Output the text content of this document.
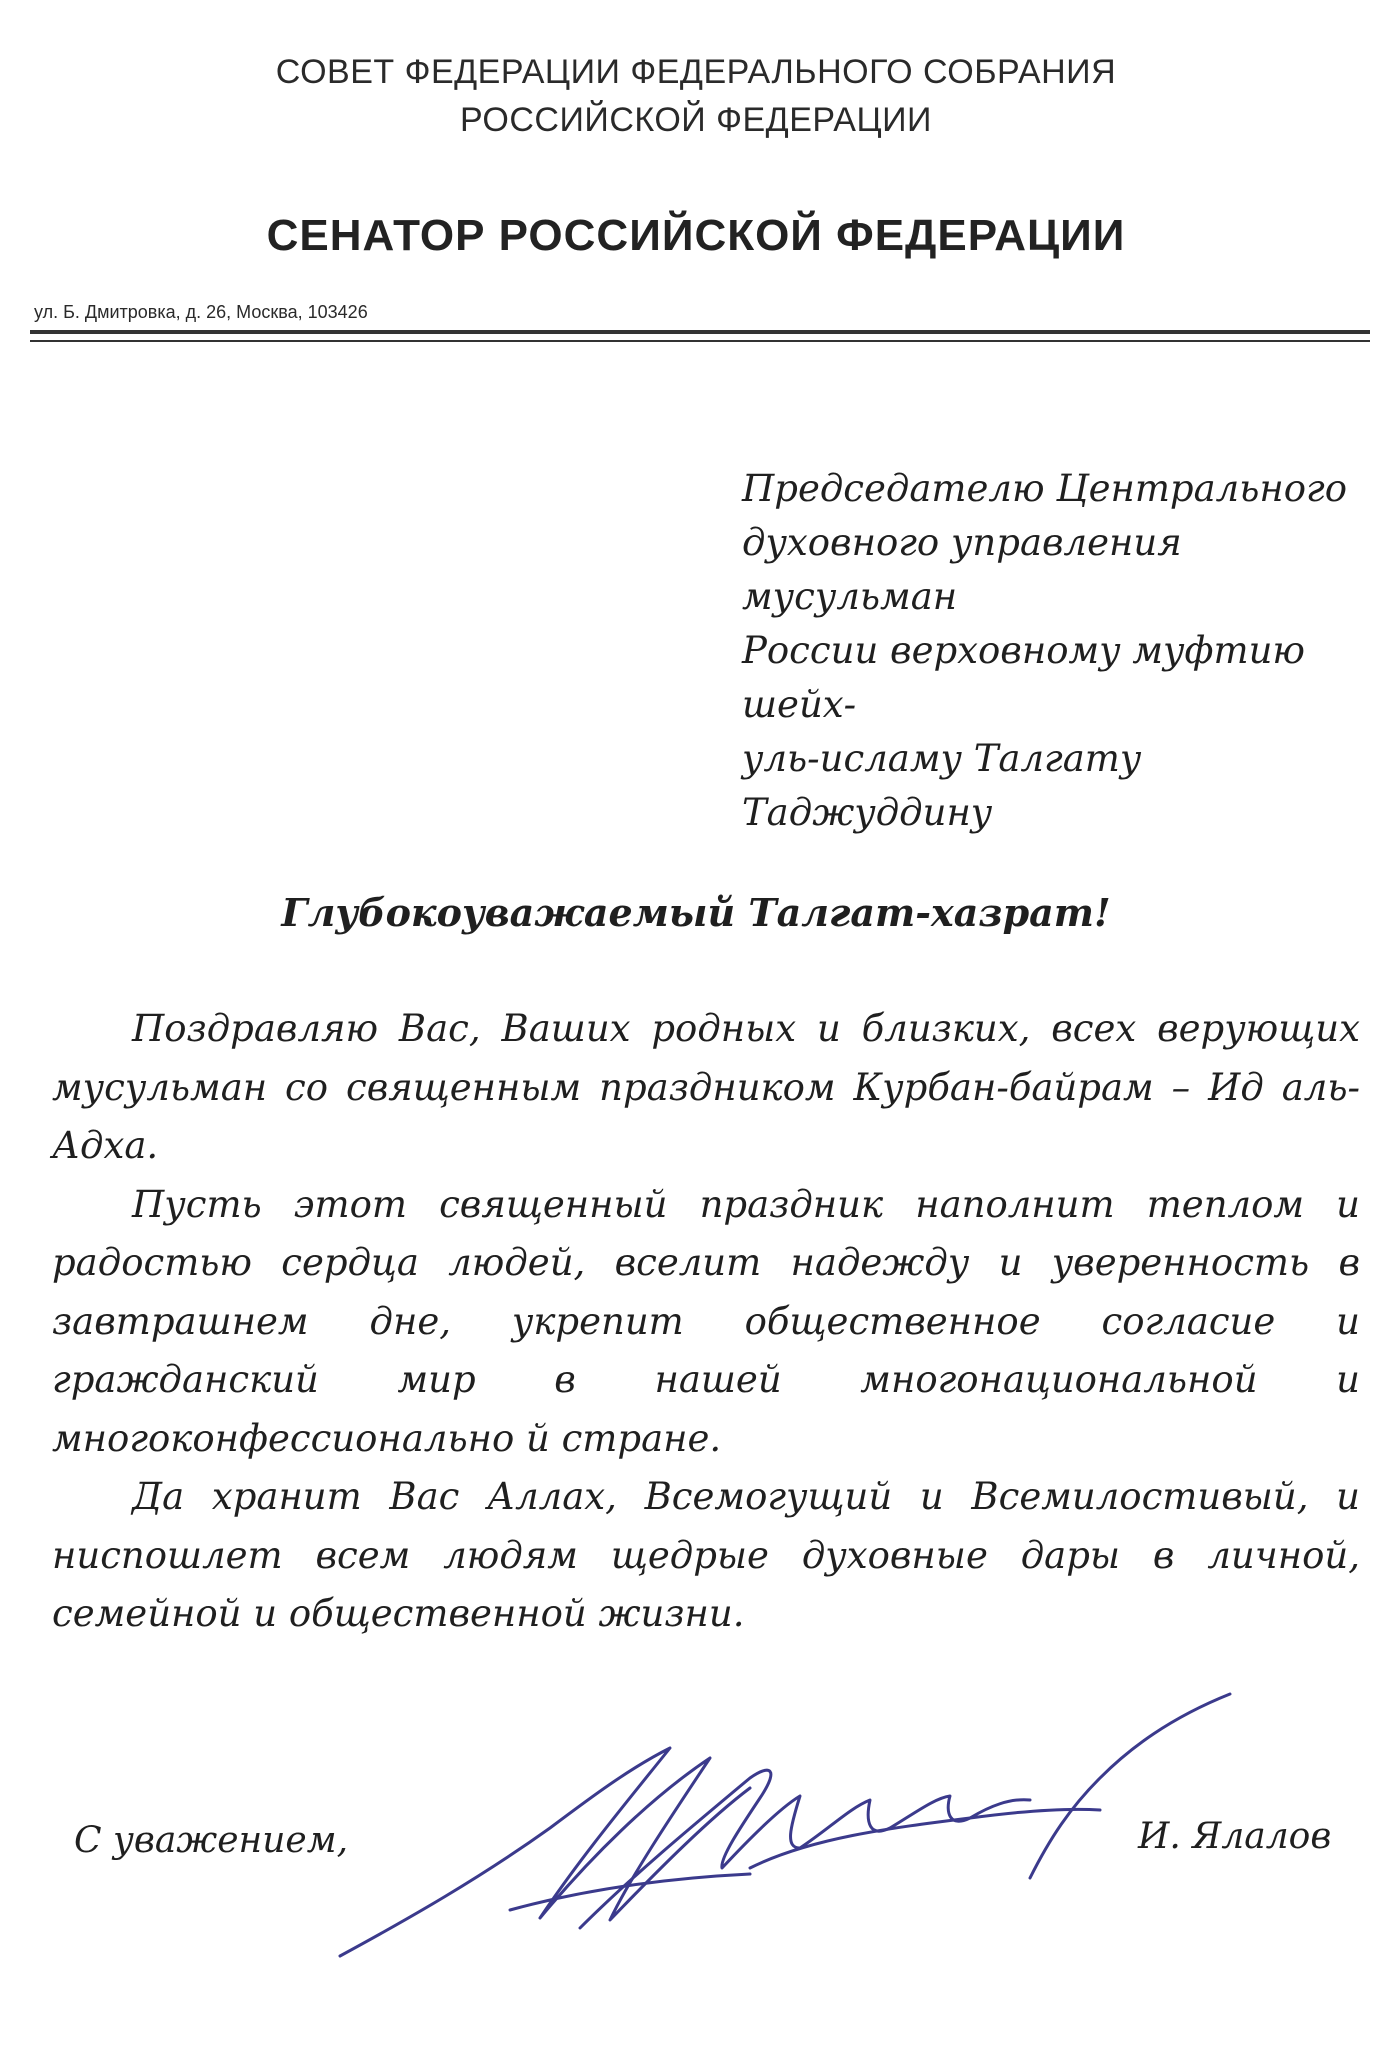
СОВЕТ ФЕДЕРАЦИИ ФЕДЕРАЛЬНОГО СОБРАНИЯ
РОССИЙСКОЙ ФЕДЕРАЦИИ
СЕНАТОР РОССИЙСКОЙ ФЕДЕРАЦИИ
ул. Б. Дмитровка, д. 26, Москва, 103426
Председателю Центрального
духовного управления мусульман
России верховному муфтию шейх-
уль-исламу Талгату
Таджуддину
Глубокоуважаемый Талгат-хазрат!

Поздравляю Вас, Ваших родных и близких, всех верующих мусульман со священным праздником Курбан-байрам – Ид аль-Адха.

Пусть этот священный праздник наполнит теплом и радостью сердца людей, вселит надежду и уверенность в завтрашнем дне, укрепит общественное согласие и гражданский мир в нашей многонациональной и многоконфессионально й стране.

Да хранит Вас Аллах, Всемогущий и Всемилостивый, и ниспошлет всем людям щедрые духовные дары в личной, семейной и общественной жизни.

С уважением,	И. Ялалов
